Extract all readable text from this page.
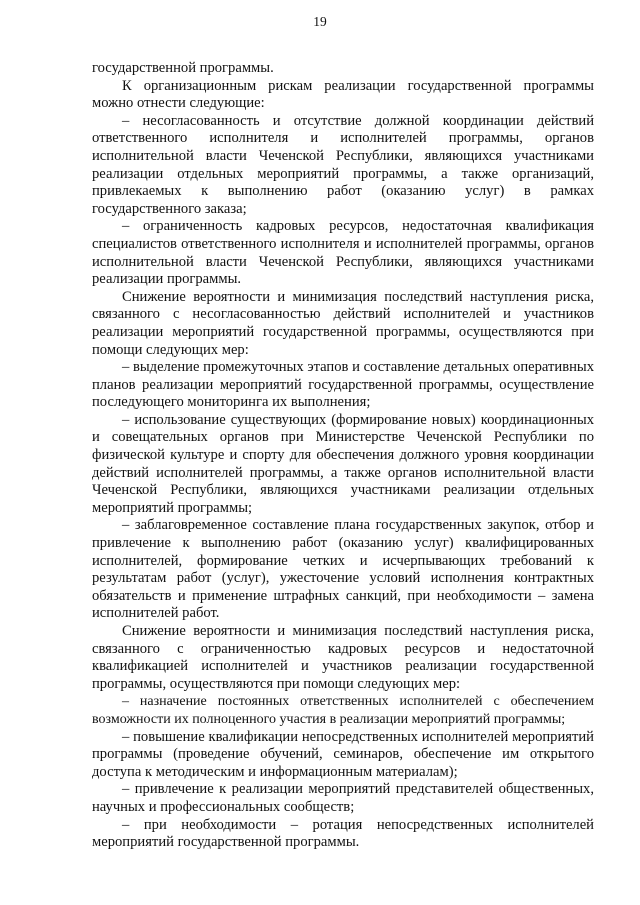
19

государственной программы.

К организационным рискам реализации государственной программы можно отнести следующие:

– несогласованность и отсутствие должной координации действий ответственного исполнителя и исполнителей программы, органов исполнительной власти Чеченской Республики, являющихся участниками реализации отдельных мероприятий программы, а также организаций, привлекаемых к выполнению работ (оказанию услуг) в рамках государственного заказа;

– ограниченность кадровых ресурсов, недостаточная квалификация специалистов ответственного исполнителя и исполнителей программы, органов исполнительной власти Чеченской Республики, являющихся участниками реализации программы.

Снижение вероятности и минимизация последствий наступления риска, связанного с несогласованностью действий исполнителей и участников реализации мероприятий государственной программы, осуществляются при помощи следующих мер:

– выделение промежуточных этапов и составление детальных оперативных планов реализации мероприятий государственной программы, осуществление последующего мониторинга их выполнения;

– использование существующих (формирование новых) координационных и совещательных органов при Министерстве Чеченской Республики по физической культуре и спорту для обеспечения должного уровня координации действий исполнителей программы, а также органов исполнительной власти Чеченской Республики, являющихся участниками реализации отдельных мероприятий программы;

– заблаговременное составление плана государственных закупок, отбор и привлечение к выполнению работ (оказанию услуг) квалифицированных исполнителей, формирование четких и исчерпывающих требований к результатам работ (услуг), ужесточение условий исполнения контрактных обязательств и применение штрафных санкций, при необходимости – замена исполнителей работ.

Снижение вероятности и минимизация последствий наступления риска, связанного с ограниченностью кадровых ресурсов и недостаточной квалификацией исполнителей и участников реализации государственной программы, осуществляются при помощи следующих мер:

– назначение постоянных ответственных исполнителей с обеспечением возможности их полноценного участия в реализации мероприятий программы;

– повышение квалификации непосредственных исполнителей мероприятий программы (проведение обучений, семинаров, обеспечение им открытого доступа к методическим и информационным материалам);

– привлечение к реализации мероприятий представителей общественных, научных и профессиональных сообществ;

– при необходимости – ротация непосредственных исполнителей мероприятий государственной программы.
